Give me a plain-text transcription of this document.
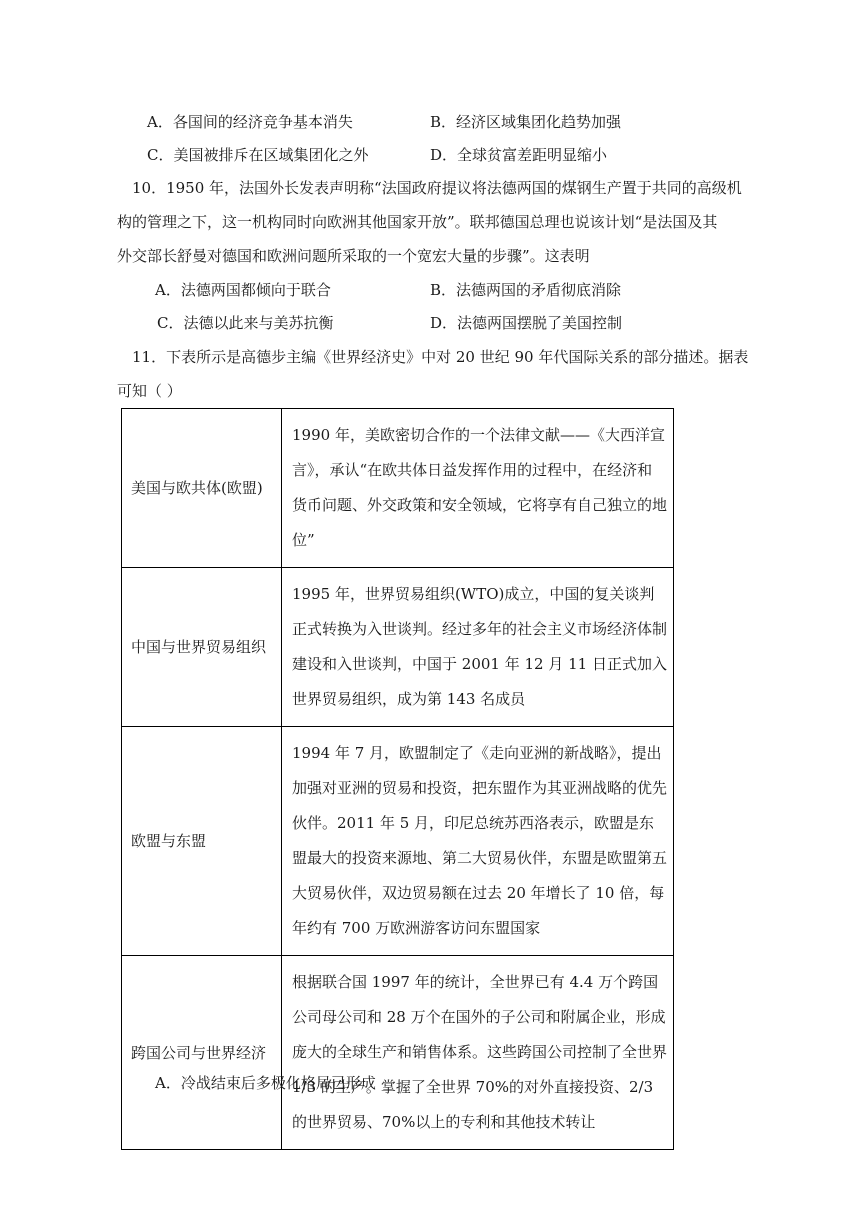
A．各国间的经济竞争基本消失	B．经济区域集团化趋势加强
C．美国被排斥在区域集团化之外	D．全球贫富差距明显缩小
10．1950 年，法国外长发表声明称“法国政府提议将法德两国的煤钢生产置于共同的高级机
构的管理之下，这一机构同时向欧洲其他国家开放”。联邦德国总理也说该计划“是法国及其
外交部长舒曼对德国和欧洲问题所采取的一个宽宏大量的步骤”。这表明
A．法德两国都倾向于联合	B．法德两国的矛盾彻底消除
C．法德以此来与美苏抗衡	D．法德两国摆脱了美国控制
11．下表所示是高德步主编《世界经济史》中对 20 世纪 90 年代国际关系的部分描述。据表
可知（ ）
美国与欧共体(欧盟)	1990 年，美欧密切合作的一个法律文献——《大西洋宣言》，承认“在欧共体日益发挥作用的过程中，在经济和货币问题、外交政策和安全领域，它将享有自己独立的地位”

中国与世界贸易组织	1995 年，世界贸易组织(WTO)成立，中国的复关谈判正式转换为入世谈判。经过多年的社会主义市场经济体制建设和入世谈判，中国于 2001 年 12 月 11 日正式加入世界贸易组织，成为第 143 名成员

欧盟与东盟	1994 年 7 月，欧盟制定了《走向亚洲的新战略》，提出加强对亚洲的贸易和投资，把东盟作为其亚洲战略的优先伙伴。2011 年 5 月，印尼总统苏西洛表示，欧盟是东盟最大的投资来源地、第二大贸易伙伴，东盟是欧盟第五大贸易伙伴，双边贸易额在过去 20 年增长了 10 倍，每年约有 700 万欧洲游客访问东盟国家

跨国公司与世界经济	根据联合国 1997 年的统计，全世界已有 4.4 万个跨国公司母公司和 28 万个在国外的子公司和附属企业，形成庞大的全球生产和销售体系。这些跨国公司控制了全世界 1/3 的生产。掌握了全世界 70%的对外直接投资、2/3 的世界贸易、70%以上的专利和其他技术转让
A．冷战结束后多极化格局已形成
